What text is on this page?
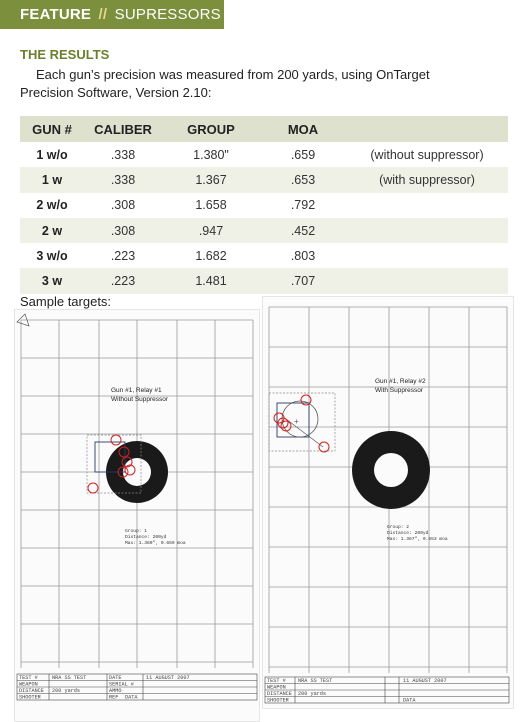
FEATURE // SUPRESSORS
THE RESULTS
Each gun’s precision was measured from 200 yards, using OnTarget Precision Software, Version 2.10:
GUN #	CALIBER	GROUP	MOA	
1 w/o	.338	1.380"	.659	(without suppressor)
1 w	.338	1.367	.653	(with suppressor)
2 w/o	.308	1.658	.792	
2 w	.308	.947	.452	
3 w/o	.223	1.682	.803	
3 w	.223	1.481	.707	
Sample targets:
Gun #1, Relay #1
Without Suppressor
Group: 1
Distance: 200yd
Max: 1.380", 0.659 moa
TEST #	NRA SS TEST
WEAPON
DISTANCE 200 yards
SHOOTER
DATE	11 AUGUST 2007
SERIAL #
AMMO
REF DATA
Gun #1, Relay #2
With Suppressor
+
Group: 2
Distance: 200yd
Max: 1.367", 0.653 moa
TEST # NRA SS TEST
WEAPON
DISTANCE 200 yards
SHOOTER
11 AUGUST 2007
DATA
